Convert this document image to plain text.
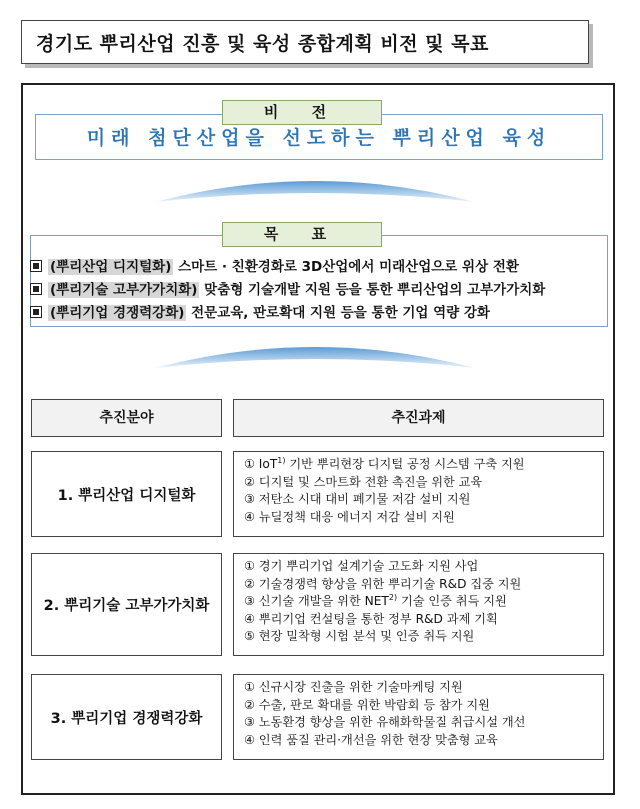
경기도 뿌리산업 진흥 및 육성 종합계획 비전 및 목표
미래 첨단산업을 선도하는 뿌리산업 육성
비 전
목 표
(뿌리산업 디지털화) 스마트 · 친환경화로 3D산업에서 미래산업으로 위상 전환
(뿌리기술 고부가가치화) 맞춤형 기술개발 지원 등을 통한 뿌리산업의 고부가가치화
(뿌리기업 경쟁력강화) 전문교육, 판로확대 지원 등을 통한 기업 역량 강화
추진분야	추진과제
1. 뿌리산업 디지털화
① IoT$^{1)}$ 기반 뿌리현장 디지털 공정 시스템 구축 지원
② 디지털 및 스마트화 전환 촉진을 위한 교육
③ 저탄소 시대 대비 폐기물 저감 설비 지원
④ 뉴딜정책 대응 에너지 저감 설비 지원
2. 뿌리기술 고부가가치화
① 경기 뿌리기업 설계기술 고도화 지원 사업
② 기술경쟁력 향상을 위한 뿌리기술 R&D 집중 지원
③ 신기술 개발을 위한 NET$^{2)}$ 기술 인증 취득 지원
④ 뿌리기업 컨설팅을 통한 정부 R&D 과제 기획
⑤ 현장 밀착형 시험 분석 및 인증 취득 지원
3. 뿌리기업 경쟁력강화
① 신규시장 진출을 위한 기술마케팅 지원
② 수출, 판로 확대를 위한 박람회 등 참가 지원
③ 노동환경 향상을 위한 유해화학물질 취급시설 개선
④ 인력 품질 관리·개선을 위한 현장 맞춤형 교육
